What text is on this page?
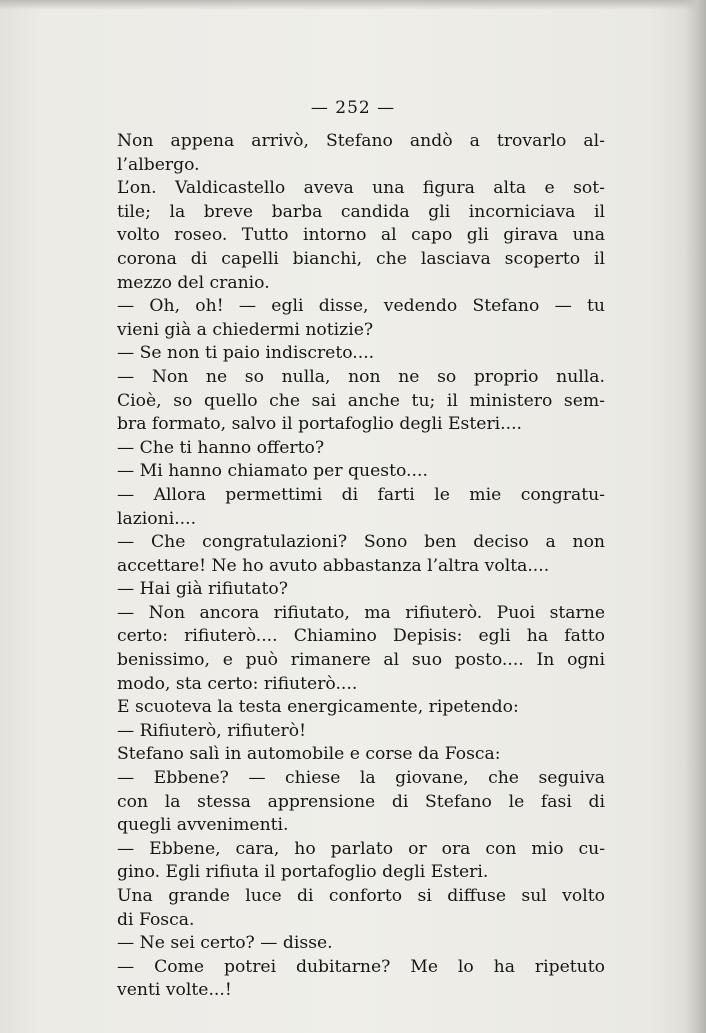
— 252 —
Non appena arrivò, Stefano andò a trovarlo al-
l’albergo.
L’on. Valdicastello aveva una figura alta e sot-
tile; la breve barba candida gli incorniciava il
volto roseo. Tutto intorno al capo gli girava una
corona di capelli bianchi, che lasciava scoperto il
mezzo del cranio.
— Oh, oh! — egli disse, vedendo Stefano — tu
vieni già a chiedermi notizie?
— Se non ti paio indiscreto....
— Non ne so nulla, non ne so proprio nulla.
Cioè, so quello che sai anche tu; il ministero sem-
bra formato, salvo il portafoglio degli Esteri....
— Che ti hanno offerto?
— Mi hanno chiamato per questo....
— Allora permettimi di farti le mie congratu-
lazioni....
— Che congratulazioni? Sono ben deciso a non
accettare! Ne ho avuto abbastanza l’altra volta....
— Hai già rifiutato?
— Non ancora rifiutato, ma rifiuterò. Puoi starne
certo: rifiuterò.... Chiamino Depisis: egli ha fatto
benissimo, e può rimanere al suo posto.... In ogni
modo, sta certo: rifiuterò....
E scuoteva la testa energicamente, ripetendo:
— Rifiuterò, rifiuterò!
Stefano salì in automobile e corse da Fosca:
— Ebbene? — chiese la giovane, che seguiva
con la stessa apprensione di Stefano le fasi di
quegli avvenimenti.
— Ebbene, cara, ho parlato or ora con mio cu-
gino. Egli rifiuta il portafoglio degli Esteri.
Una grande luce di conforto si diffuse sul volto
di Fosca.
— Ne sei certo? — disse.
— Come potrei dubitarne? Me lo ha ripetuto
venti volte...!
